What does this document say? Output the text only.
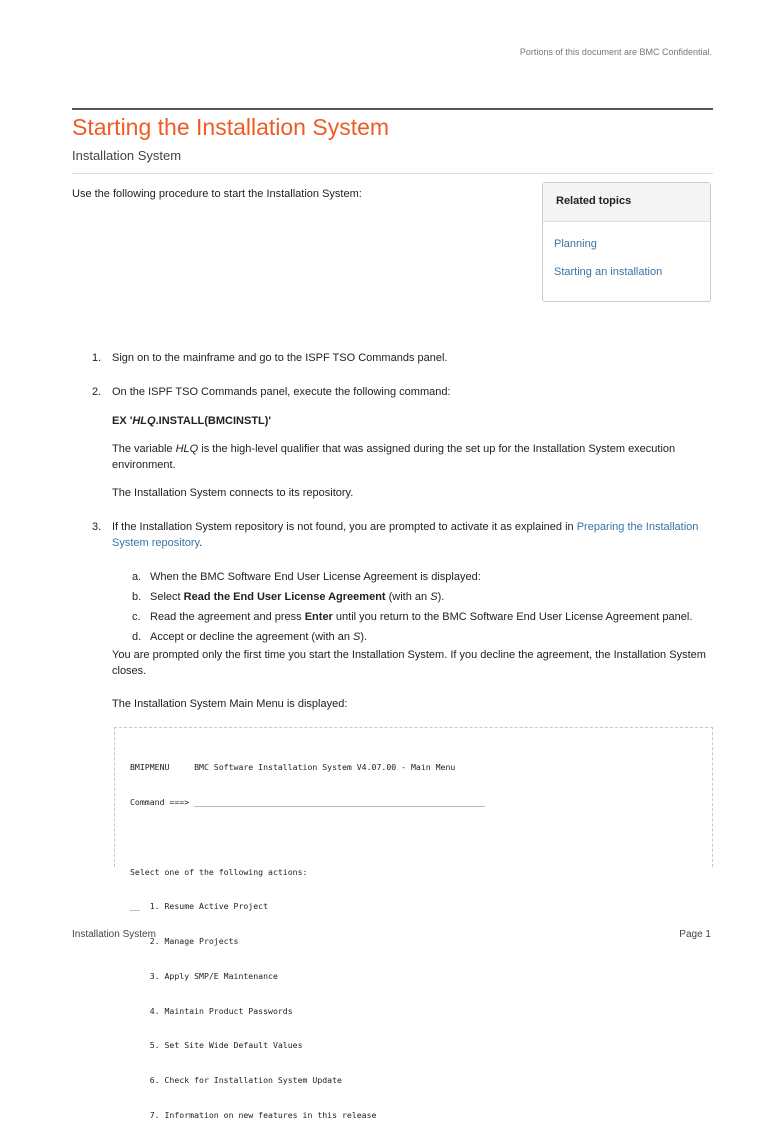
Portions of this document are BMC Confidential.
Starting the Installation System
Installation System
Use the following procedure to start the Installation System:
Related topics
Planning
Starting an installation
1. Sign on to the mainframe and go to the ISPF TSO Commands panel.

2. On the ISPF TSO Commands panel, execute the following command:

EX 'HLQ.INSTALL(BMCINSTL)'

The variable HLQ is the high-level qualifier that was assigned during the set up for the Installation System execution environment.

The Installation System connects to its repository.

3. If the Installation System repository is not found, you are prompted to activate it as explained in Preparing the Installation System repository.

a. When the BMC Software End User License Agreement is displayed:
b. Select Read the End User License Agreement (with an S).
c. Read the agreement and press Enter until you return to the BMC Software End User License Agreement panel.
d. Accept or decline the agreement (with an S).

You are prompted only the first time you start the Installation System. If you decline the agreement, the Installation System closes.

The Installation System Main Menu is displayed:

BMIPMENU     BMC Software Installation System V4.07.00 - Main Menu

Command ===> ___________________________________________________________

Select one of the following actions:

__  1. Resume Active Project

2. Manage Projects

3. Apply SMP/E Maintenance

4. Maintain Product Passwords

5. Set Site Wide Default Values

6. Check for Installation System Update

7. Information on new features in this release

Installation System	Page 1
